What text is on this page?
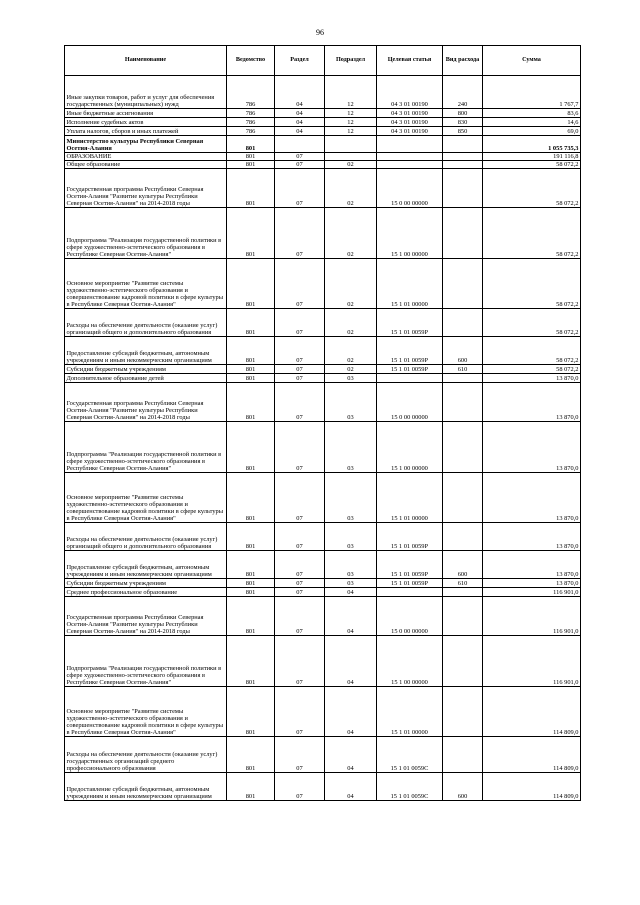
96
Наименование	Ведомство	Раздел	Подраздел	Целевая статья	Вид расхода	Сумма
Иные закупки товаров, работ и услуг для обеспечения государственных (муниципальных) нужд	786	04	12	04 3 01 00190	240	1 767,7
Иные бюджетные ассигнования	786	04	12	04 3 01 00190	800	83,6
Исполнение судебных актов	786	04	12	04 3 01 00190	830	14,6
Уплата налогов, сборов и иных платежей	786	04	12	04 3 01 00190	850	69,0
Министерство культуры Республики Северная Осетия-Алания	801					1 055 735,3
ОБРАЗОВАНИЕ	801	07				191 116,8
Общее образование	801	07	02			58 072,2
Государственная программа Республики Северная Осетия-Алания "Развитие культуры Республики Северная Осетия-Алания" на 2014-2018 годы	801	07	02	15 0 00 00000		58 072,2
Подпрограмма "Реализация государственной политики в сфере художественно-эстетического образования в Республике Северная Осетия-Алания"	801	07	02	15 1 00 00000		58 072,2
Основное мероприятие "Развитие системы художественно-эстетического образования и совершенствование кадровой политики в сфере культуры в Республике Северная Осетия-Алания"	801	07	02	15 1 01 00000		58 072,2
Расходы на обеспечение деятельности (оказание услуг) организаций общего и дополнительного образования	801	07	02	15 1 01 0059Р		58 072,2
Предоставление субсидий бюджетным, автономным учреждениям и иным некоммерческим организациям	801	07	02	15 1 01 0059Р	600	58 072,2
Субсидии бюджетным учреждениям	801	07	02	15 1 01 0059Р	610	58 072,2
Дополнительное образование детей	801	07	03			13 870,0
Государственная программа Республики Северная Осетия-Алания "Развитие культуры Республики Северная Осетия-Алания" на 2014-2018 годы	801	07	03	15 0 00 00000		13 870,0
Подпрограмма "Реализация государственной политики в сфере художественно-эстетического образования в Республике Северная Осетия-Алания"	801	07	03	15 1 00 00000		13 870,0
Основное мероприятие "Развитие системы художественно-эстетического образования и совершенствование кадровой политики в сфере культуры в Республике Северная Осетия-Алания"	801	07	03	15 1 01 00000		13 870,0
Расходы на обеспечение деятельности (оказание услуг) организаций общего и дополнительного образования	801	07	03	15 1 01 0059Р		13 870,0
Предоставление субсидий бюджетным, автономным учреждениям и иным некоммерческим организациям	801	07	03	15 1 01 0059Р	600	13 870,0
Субсидии бюджетным учреждениям	801	07	03	15 1 01 0059Р	610	13 870,0
Среднее профессиональное образование	801	07	04			116 901,0
Государственная программа Республики Северная Осетия-Алания "Развитие культуры Республики Северная Осетия-Алания" на 2014-2018 годы	801	07	04	15 0 00 00000		116 901,0
Подпрограмма "Реализация государственной политики в сфере художественно-эстетического образования в Республике Северная Осетия-Алания"	801	07	04	15 1 00 00000		116 901,0
Основное мероприятие "Развитие системы художественно-эстетического образования и совершенствование кадровой политики в сфере культуры в Республике Северная Осетия-Алания"	801	07	04	15 1 01 00000		114 809,0
Расходы на обеспечение деятельности (оказание услуг) государственных организаций среднего профессионального образования	801	07	04	15 1 01 0059С		114 809,0
Предоставление субсидий бюджетным, автономным учреждениям и иным некоммерческим организациям	801	07	04	15 1 01 0059С	600	114 809,0
